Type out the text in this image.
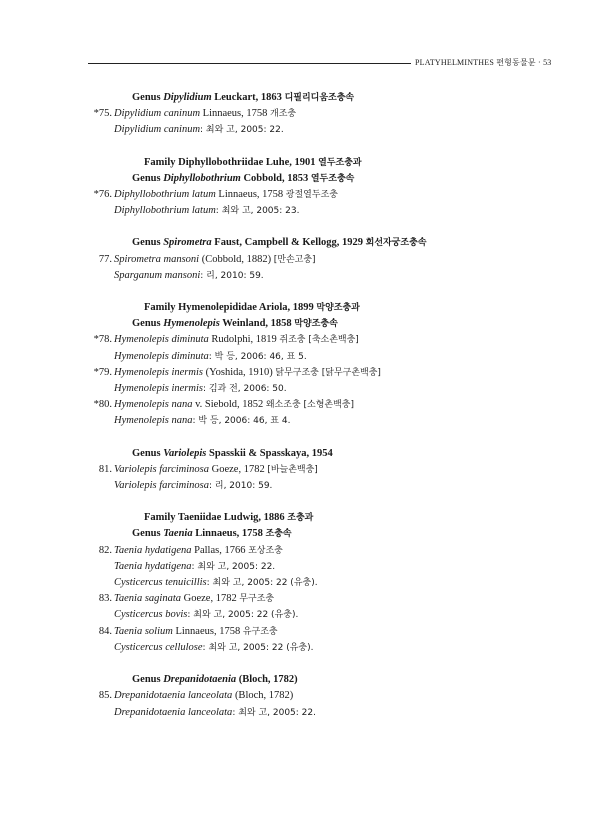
PLATYHELMINTHES 편형동물문 · 53
Genus Dipylidium Leuckart, 1863 디필리디움조충속
*75. Dipylidium caninum Linnaeus, 1758 개조충
Dipylidium caninum: 최와 고, 2005: 22.
Family Diphyllobothriidae Luhe, 1901 열두조충과
Genus Diphyllobothrium Cobbold, 1853 열두조충속
*76. Diphyllobothrium latum Linnaeus, 1758 광절열두조충
Diphyllobothrium latum: 최와 고, 2005: 23.
Genus Spirometra Faust, Campbell & Kellogg, 1929 회선자궁조충속
77. Spirometra mansoni (Cobbold, 1882) [만손고충]
Sparganum mansoni: 리, 2010: 59.
Family Hymenolepididae Ariola, 1899 막양조충과
Genus Hymenolepis Weinland, 1858 막양조충속
*78. Hymenolepis diminuta Rudolphi, 1819 쥐조충 [축소촌백충]
Hymenolepis diminuta: 박 등, 2006: 46, 표 5.
*79. Hymenolepis inermis (Yoshida, 1910) 닭무구조충 [닭무구촌백충]
Hymenolepis inermis: 김과 전, 2006: 50.
*80. Hymenolepis nana v. Siebold, 1852 왜소조충 [소형촌백충]
Hymenolepis nana: 박 등, 2006: 46, 표 4.
Genus Variolepis Spasskii & Spasskaya, 1954
81. Variolepis farciminosa Goeze, 1782 [바늘촌백충]
Variolepis farciminosa: 리, 2010: 59.
Family Taeniidae Ludwig, 1886 조충과
Genus Taenia Linnaeus, 1758 조충속
82. Taenia hydatigena Pallas, 1766 포상조충
Taenia hydatigena: 최와 고, 2005: 22.
Cysticercus tenuicillis: 최와 고, 2005: 22 (유충).
83. Taenia saginata Goeze, 1782 무구조충
Cysticercus bovis: 최와 고, 2005: 22 (유충).
84. Taenia solium Linnaeus, 1758 유구조충
Cysticercus cellulose: 최와 고, 2005: 22 (유충).
Genus Drepanidotaenia (Bloch, 1782)
85. Drepanidotaenia lanceolata (Bloch, 1782)
Drepanidotaenia lanceolata: 최와 고, 2005: 22.
